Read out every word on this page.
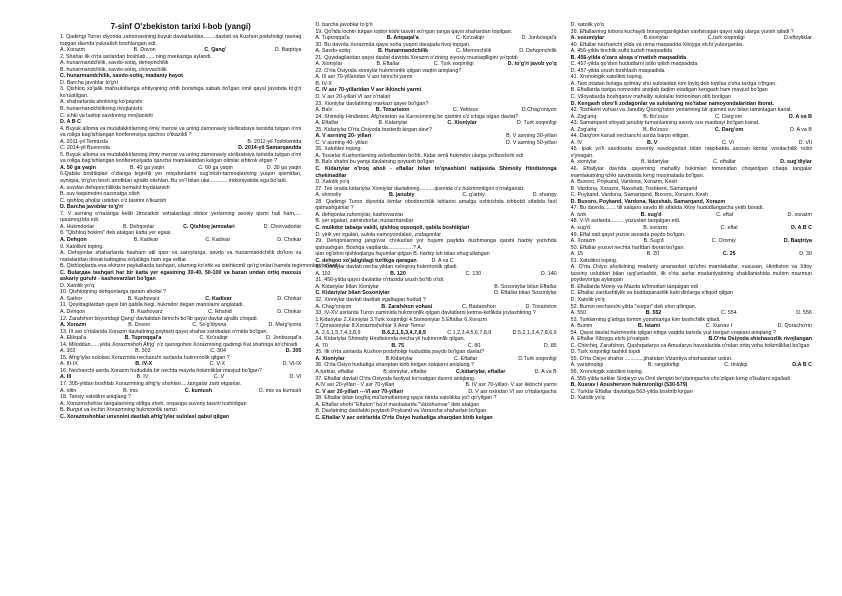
7-sinf O'zbekiston tarixi I-bob (yangi)
1. Qadimgi Turon diyorida zamonasining buyuk davlatlaridan........davlati va Kushon podsholigi ravnaq topgan davrda yuksalish boshlangan edi.
A. Xorazm	B. Dovon	C. Qang'	D. Baqtriya
2. Shahar ilk o'rta asrlardan boshlab.......ning markaziga aylandi.
A. hunarmandchilik, savdo-sotiq, dehqonchilik
B. hunarmandchilik, savdo-sotiq, chorvachilik
C. hunarmandchilik, savdo-sotiq, madaniy hayot
D. Barcha javoblar to'g'ri
3. Qishloq xo'jalik mahsulotlariga ehtiyojning ortib borishiga sabab bo'lgan omil qaysi javobda to'g'ri ko'rsatilgan.
A. shaharlarda aholining ko'payishi
B. hunarmandchilikning rivojlanishi
C. ichki va tashqi savdoning rivojlanishi
D. A B C
4. Buyuk alloma va mutafakkirlarning ilmiy merosi va uning zamonaviy sivilizatsiya tarixida tutgan o'rni va roliga bag'ishlangan konferensiya qachon o'tkazildi ?
A. 2011-yil Termizda	B. 2012-yil Toshkentda
C. 2014-yil Buxoroda	D. 2014-yil Samarqandda
5. Buyuk alloma va mutafakkirlarning ilmiy merosi va uning zamonaviy sivilizatsiya tarixida tutgan o'rni va roliga bag'ishlangan konferensiyada qancha mamlakatdan kelgan olimlar ishtirok etgan ?
A. 50 ga yaqin	B. 40 ga yaqin	C. 60 ga yaqin	D. 30 ga yaqin
6.Qabila boshliqlari o'zlariga tegishli yer maydonlarini sug'orish-tarmoqlarining yuqori qismidan, ayniqsa, to'g'on bosh atrofidan ajratib olishlari. Bu vo'l bilan ular............ imkoniyatida ega bo'ladi.
A. suvdan dehqonchilikda bemalol foydalanish
B. suv taqsimotini nazoratga olish
C. qishloq aholisi ustidan o'z tasirini o'tkazish
D. Barcha javoblar to'g'ri
7. V asrning o'rtalariga kelib Jirozatkor vohalardagi obikor yerlarning asosiy qismi hali ham,.... qaramog'ida edi.
A. Hukmdorlar	B. Dehqonlar	C. Qishloq jamoalari	D. Chorvadorlar
8. "Qishloq hokimi" deb atalgan katta yer egasi.
A. Dehqon	B. Kadivar	C. Kadivar	D. Chokar
9. Xatolikni toping.
A. Dehqonlar shaharlarda hasham atli qasr va saroylarga, savdo va hunarmandchilik do'kon va rastalaridan iborat kattagina xo'jalikga ham ega edilar.
B. Qishloqlarda esa ekinzor paykallarda tashqari, ularning ko'shk va istehkomli qo'rg'onlari hamda tegirmonlari bo'lardi.
C. Bularдан tashqari har bir katta yer egasining 30-40, 50-100 va bazan undan ortiq maxsus askariy guruhi - kashovarzlari bo'lgan
D. Xatolik yo'q
10. Qishloqning dehqonlarga qaram aholisi ?
A. Sarkor	B. Kashovarz	C. Kadivar	D. Chokar
11. Qoyidagilardan qaysi biri qabila begi, hukmdor degan manolarni anglatadi.
A. Dehqon	B. Kashovarz	C. Ikhshid	D. Chokar
12. Zarafshon boyoridagi Qang' davlatidan birinchi bo'lib qaysi davlat ajralib chiqadi.
A. Xorazm	B. Dovon	C. So'g'diyona	D. Marg'iyona
13. III asr o'rtalarida Xorazm davlatining poytaxti qaysi shahar xarobalari o'rnida bo'lgan.
A. Elikqal'a	B. Tuproqqal'a	C. Ko'zaliqir	D. Jonbosqal'a
14. Miloddan......yilda Xorazmshoh Afrig' o'z qarorgohini Xorazmning qadimgi Kat shahriga ko'chiradi.
A. 302	B. 303	C. 304	D. 305
15. Afrig'iylar sulolasi Xorazmda nechanchi asrlarda hukmronlik qilgan ?
A. III-IX	B. IV-X	C. V-X	D. VI-IX
16. Nechanchi asrda Xorazm hududida bir nechta mayda hokimliklar mavjud bo'lgan?
A. III	B. IV	C. V	D. VI
17. 305-yildan boshlab Xorazmning afrig'iy shohlari.....tangalar zarb etganlar.
A. oltin	B. mis	C. kumush	D. mis va kumush
18. Tarixiy xatolikni aniqlang ?
A. Xorazmshohlar tangalarining oldiga shoh, orqasiga suvoriy tasviri tushirilgan
B. Burgut va lochin Xorazmning hukmronlik ramzi
C. Xorazmshohlar unvonini dastlab afrig'iylar sulolasi qabul qilgan
D. barcha javoblar to'g'ri
19. Qo'lida lochin tutgan tojdor kishi tasviri so'ngan tanga qaysi shahardan topilgan.
A. Tuproqqal'a	B. Anqaqal'a	C. Ko'zaliqir	D. Jonbosqal'a
20. Bu davrda Xorazmda qaysi soha yuqori darajada rivoj topgan.
A. Savdo-sotiq	B. Hunarmandchilik	C. Memorchilik	D. Dehqonchilik
21. Quyidagilardan qaysi davlat davrida Xorazm o'zining siyosiy mustaqilligini yo'qotdi.
A. Xioniylar	B. Eftallar	C. Turk xoqonligi	D. to'g'ri javob yo'q
22. O'rta Osiyoda xioniylar hukmronlik qilgan vaqtni aniqlang?
A. III asr 70-yillaridan V asr birinchi yarmi
B. IV-X
C. IV asr 70-yillaridan V asr ikkinchi yarmi
D. V asr 20-yillari VI asr o'rtalari
23. Xioniylar davlatining markazi qayer bo'lgan?
A. Balx	B. Toxariston	C. Yettisuv	D.Chag'oniyon
24. Shimoliy Hindiston, Afg'oniston va Xurosonning bir qismini o'z ichiga olgan davlat?
A. Eftallar	B. Kidariylar	C. Xioniylar	D. Turk xoqonligi
25. Kidariylar O'rta Osiyoda bosterib kirgan davr?
A. V asrning 20- yillari	B. V asrning 30-yillari
C. V asrning 40- yillari	D. V asrning 50-yillari
26. Xatolikni toping.
A. Toxarlar Kushonlarning avlodlaridan bo'lib, Kidar ismli hukmdor ularga yo'lboshchi edi
B. Balx shahri bu yangi davlatning poytaxti bo'lgan
C. Kidariylar o'troq aholi - eftallar bilan to'qnashishi natijasida Shimoliy Hindistonga chekinadilar
D. Xatolik yo'q
27. Tez orada kidariylar Xioniylar davlatining..........qismida o'z hukmronligini o'rnatganlar.
A. shimoliy	B. janubiy	C. g'arbiy	D. sharqiy
28. Qadimgi Turon diyorida kimlar obodonchilik ishlarini amalga oshirishda ishbobli sifatida faol qatnashganlar ?
A. dehqonlar,ruhoniylar, kashovarzlar
B. yer egalari, zamindorlar, hunarmandlar
C. mulkdor tabaqa vakili, qishloq oqsoqoli, qabila boshliqlari
D. yirik yer egalari, sulola namoyondalari, zodagonlar
29. Dehqonlarning jangovar chokarlari yor hujumi paytida dushmanga qarshi harbiy yurishda qatnashgan. Boshqa vaqtlarda.................? A.
ular og'ishni qishloqlarga hujumlar qilgan B. harbiy ish bilan shug'ullangan
C. dehqon xo'jaligidagi turlikga qaragan          D. A va C
30. Xioniylar davlati necha yildan oshiqroq hukmronlik qiladi.
A. 110	B. 120	C. 130	D. 140
31. 456-yilda qaysi davlatlar o'rtasida urush bo'lib o'tdi.
A. Kidariylar bilan Xioniylar	B. Sosoniylar bilan Eftallar
C. Kidariylar bilan Sosoniylar	D. Eftallar bilan Sosoniylar
32. Xioniylar davlati dastlab egallagan hudud ?
A. Chag'oniyon	B. Zarafshon vohasi	C. Badaxshon	D. Toxariston
33. IV-XV asrlarda Turon zaminida hukmronlik qilgan davlatlarni ketma-ketlikda joylashtiring ?
1.Kidariylar 2.Xioniylar 3.Turk xoqonligi 4.Somoniylar 5.Eftallar 6.Xorazm
7.Qoraxoniylar 8.Xorazmshohlar 9.Amir Temur
A. 2,6,1,5,7,4,3,8,9	B.6,2,1,5,3,4,7,8,9	C.1,2,3,4,5,6,7,8,9	D.5,2,1,3,4,7,8,6,9
34. Kidariylar Shimoliy Hindistonda necha yil hukmronlik qilgan.
A. 70	B. 75	C. 80	D. 85
35. Ilk o'rta asrlarda Kushon podsholigi hududida paydo bo'lgan davlat?
A. Xioniylar	B.Kidariylar	C. Eftallar	D.Turk xoqonligi
36. O'rta Osiyo hududiga sharqdan kirib kelgan xalqlarni aniqlang ?
A.turklar, eftallar	B.xioniylar, eftallar	C.kidariylar, eftallar	D. A va B
37. Eftallar davlati O'rta Osiyoda faoliyat ko'rsatgan davrni aniqlang.
A.IV asr 20-yillari - V asr 70-yillari	B. IV asr 70-yillari- V asr ikkinchi yarmi
C. V asr 20-yillari ---VI asr 70-yillari	D. V asr oxiridan VI asr o'rtalarigacha
38. Eftallar bilan bog'liq ma'lumotlarning qaysi birida xatolikka yo'l qo'yilgan ?
A. Eftallar shohi "Eftalon" ba'zi manbalarda "Vaxshunvar" deb atalgan
B. Davlatning dastlabki poytaxti Poykand va Varaxsha shaharlari bo'lgan
C. Eftallar V asr oxirlarida O'rta Osiyo hududiga sharqdan kirib kelgan
D. xatolik yo'q
39. Eftallarning tobora kuchayib borayotganligidan xavfsiragan qaysi xalq ularga yurish qiladi ?
A. sosoniylar	B.xioniylar	C.turk xoqonligi	D.eftoyliklar
40. Eftallar nechanchi yilda va nima maqsadda Xitoyga elchi yuborganlar.
A. 456-yilda tinchlik sulhi tuzish maqsadida
B. 456-yilda o'zaro aloqa o'rnatish maqsadida
C. 457-yilda qo'shni hududlarni istilo qilish maqsadida
D. 457-yilda urush boshlash maqsadida
41. Xronologik xatolikni toping.
A. Taxt otadan bolaga qolmay shu sulolaidan kim loyiq deb topilsa o'sha taxtga o'tirgan.
B. Eftallarda taxtga nomzodni aniqlab taqlim etadigan kengash ham mavjud bo'lgan
C. Viloyatlarda boshqaruv mahalliy sulolalar tomonidan olib borilgan
D. Kengash obro'li zodagonlar va sulolaning mo'tabar namoyondalaridan iborat.
42. Toshkent vohasi va Janubiy Qozog'iston yerlarining bir qismini suv bilan taminlagan kanal.
A. Zog'ariq	B. Bo'zsuv	C. Darg'om	D. A va B
43. Samarqand viloyati janubiy tumanlarining asosiy suv manbayi bo'lgan kanal.
A. Zog'ariq	B. Bo'zsuv	C. Darg'om	D. A va B
44. Darg'om kanali nechanchi asrda barpo etilgan.
A. IV	B. V	C. VI	D. VII
45. Ipak yo'li savdosida sosoniy savdogarlari bilan raqobatda asosan kimlar vositachilik rolini o'ynagan.
A. xioniylar	B. kidariylar	C. eftallar	D. sug'diylar
46. Eftallylar davrida qayerning mahalliy hokimlari tomonidan chiqarilgan chaqa tangalar mamlakatning ichki savdosida keng muomalada bo'lgan.
A. Buxoro, Poykand, Vardona, Xorazm, Kesh
B. Vardona, Xorazm, Naxshab, Toshkent, Samarqand
C. Poykand, Vardona, Samarqand, Buxoro, Xorazm, Kesh
D. Buxoro, Poykand, Vardona, Naxshab, Samarqand, Xorazm
47. Bu davrda........ tili xalqaro savdo tili sifatida Xitoy hududlarigacha yetib boradi.
A. turk	B. sug'd	C. eftal	D. xorazm
48. V-VI asrlarda......... yozuvlari tarqalgan edi.
A. sug'd	B. xorazm	C. eftal	D. A B C
49. Eftal xati qaysi yozuv asosida paydo bo'lgan.
A. Xorazm	B. Sug'd	C. Oromiy	D. Baqtriya
50. Eftallar yozuvi nechta harfdan iborat bo'lgan.
A. 15	B. 20	C. 25	D. 30
51. Xatolikni toping.
A. O'rta Osiyo aholisining madaniy anananlari qo'shni mamlakatlar, xususan, Hindiston va Xitoy tasviriy uslublari bilan uyg'unlashib, ilk o'rta asrlar madaniyatining shakllanishida muhim mazmun poydevoriga aylangan
B. Eftallarda Moniy va Mazda ta'limotlari tarqalgan edi
C. Eftallar zardushtiylik va buddaparastlik kabi dinlarga e'tiqod qilgan
D. Xatolik yo'q
52. Bumin nechanchi yilda "xoqon" deb elon qilingan.
A. 550	B. 552	C. 554	D. 556
53. Turklarning g'arbga tomon yurishlariga kim boshchilik qiladi.
A. Bumin	B. Istami	C. Xusrav I	D. Qoracho'rin
54. Qaysi davlat hukmronlik qilgan ettiga vaqtda tarixda yuz bergan voqeani aniqlang ?
A. Eftallar Xitoyga elchi jo'natgan	B.O'rta Osiyoda shishasozlik rivojlangan
C. Chirchiq, Zarafshon, Qashqadaryo va Amudaryo havzalarida o'ndan ortiq voha hokimliklari bo'lgan
D. Turk xoqonligi tashkil topdi
55. O'rta Osiyo shahsi .............jihatidan Vizantiya shishasidan ustun.
A. yarqiroqligi	B. rangdorligi	C. tiniqligi	D.A B C
56. Xronologik xatolikni toping.
A. 555-yilda turklar Sirdaryo va Orol dengizi bo'yiaringacha cho'zilgan keng o'lkalarni egalladi
B. Xusrav I Anushervon hukmronligi (530-579)
C. Turklar Eftallar davlatiga 563-yilda bostirib kirgan
D. Xatolik yo'q
